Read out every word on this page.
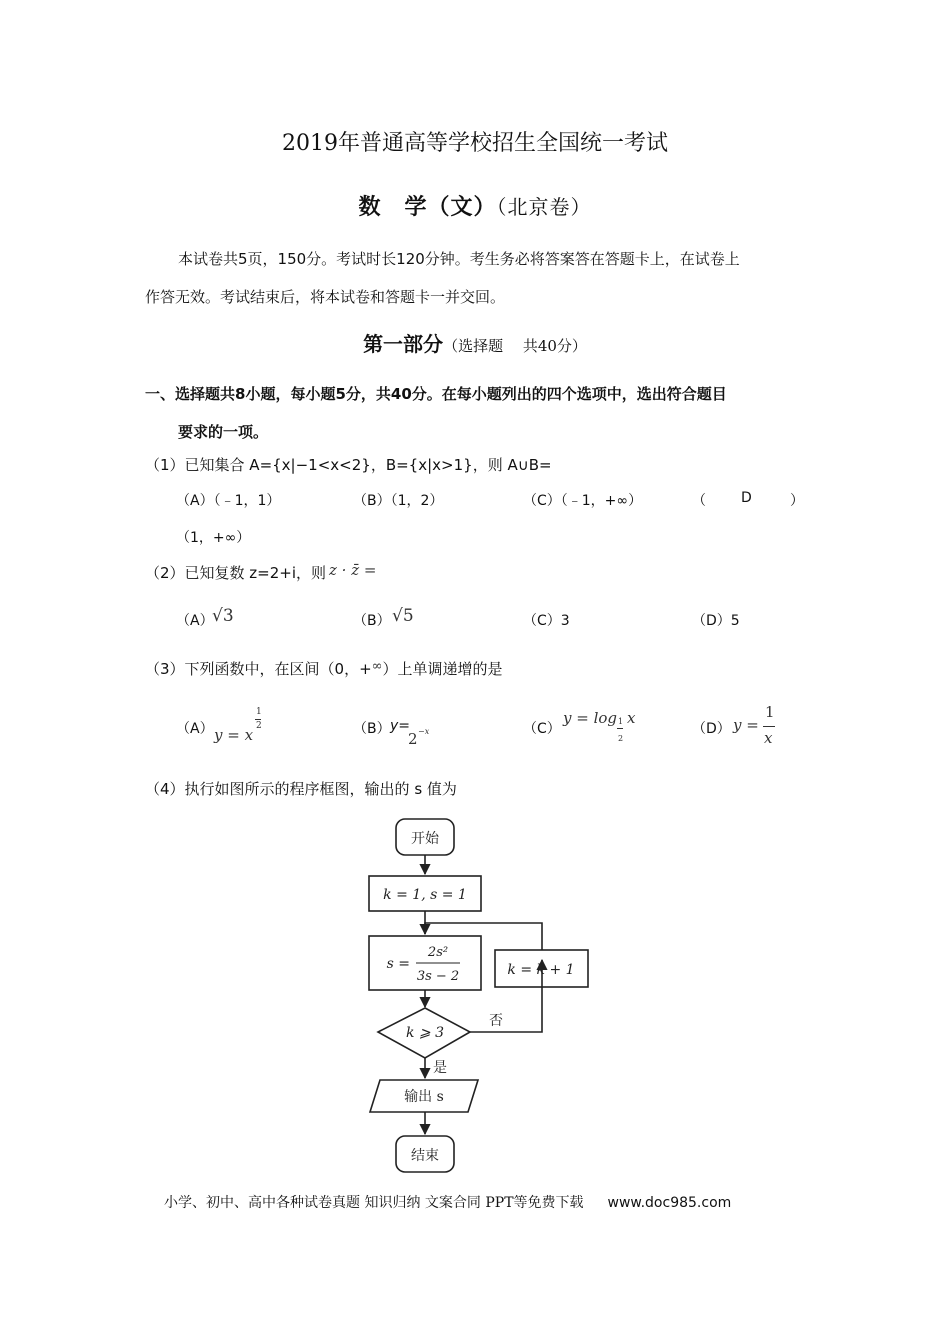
2019年普通高等学校招生全国统一考试
数　学（文）（北京卷）
本试卷共5页，150分。考试时长120分钟。考生务必将答案答在答题卡上，在试卷上
作答无效。考试结束后，将本试卷和答题卡一并交回。
第一部分（选择题　 共40分）
一、选择题共8小题，每小题5分，共40分。在每小题列出的四个选项中，选出符合题目
要求的一项。
（1）已知集合 A={x|−1<x<2}，B={x|x>1}，则 A∪B=
（A）（﹣1，1）	（B）（1，2）	（C）（﹣1，+∞）	（	D	）
（1，+∞）
（2）已知复数 z=2+i，则 z · z̄ =
（A）
√3	（B） √5	（C）3	（D）5
（3）下列函数中，在区间（0，+∞）上单调递增的是
（A） y = x
1
2	（B） y=
2 −x	（C）
y = log 1
2
x
（D） y =
1
x
（4）执行如图所示的程序框图，输出的 s 值为
开始
k = 1, s = 1
s =
2s²
3s − 2	k = k + 1
k ⩾ 3
否
是
输出 s
结束
小学、初中、高中各种试卷真题 知识归纳 文案合同 PPT等免费下载 www.doc985.com
